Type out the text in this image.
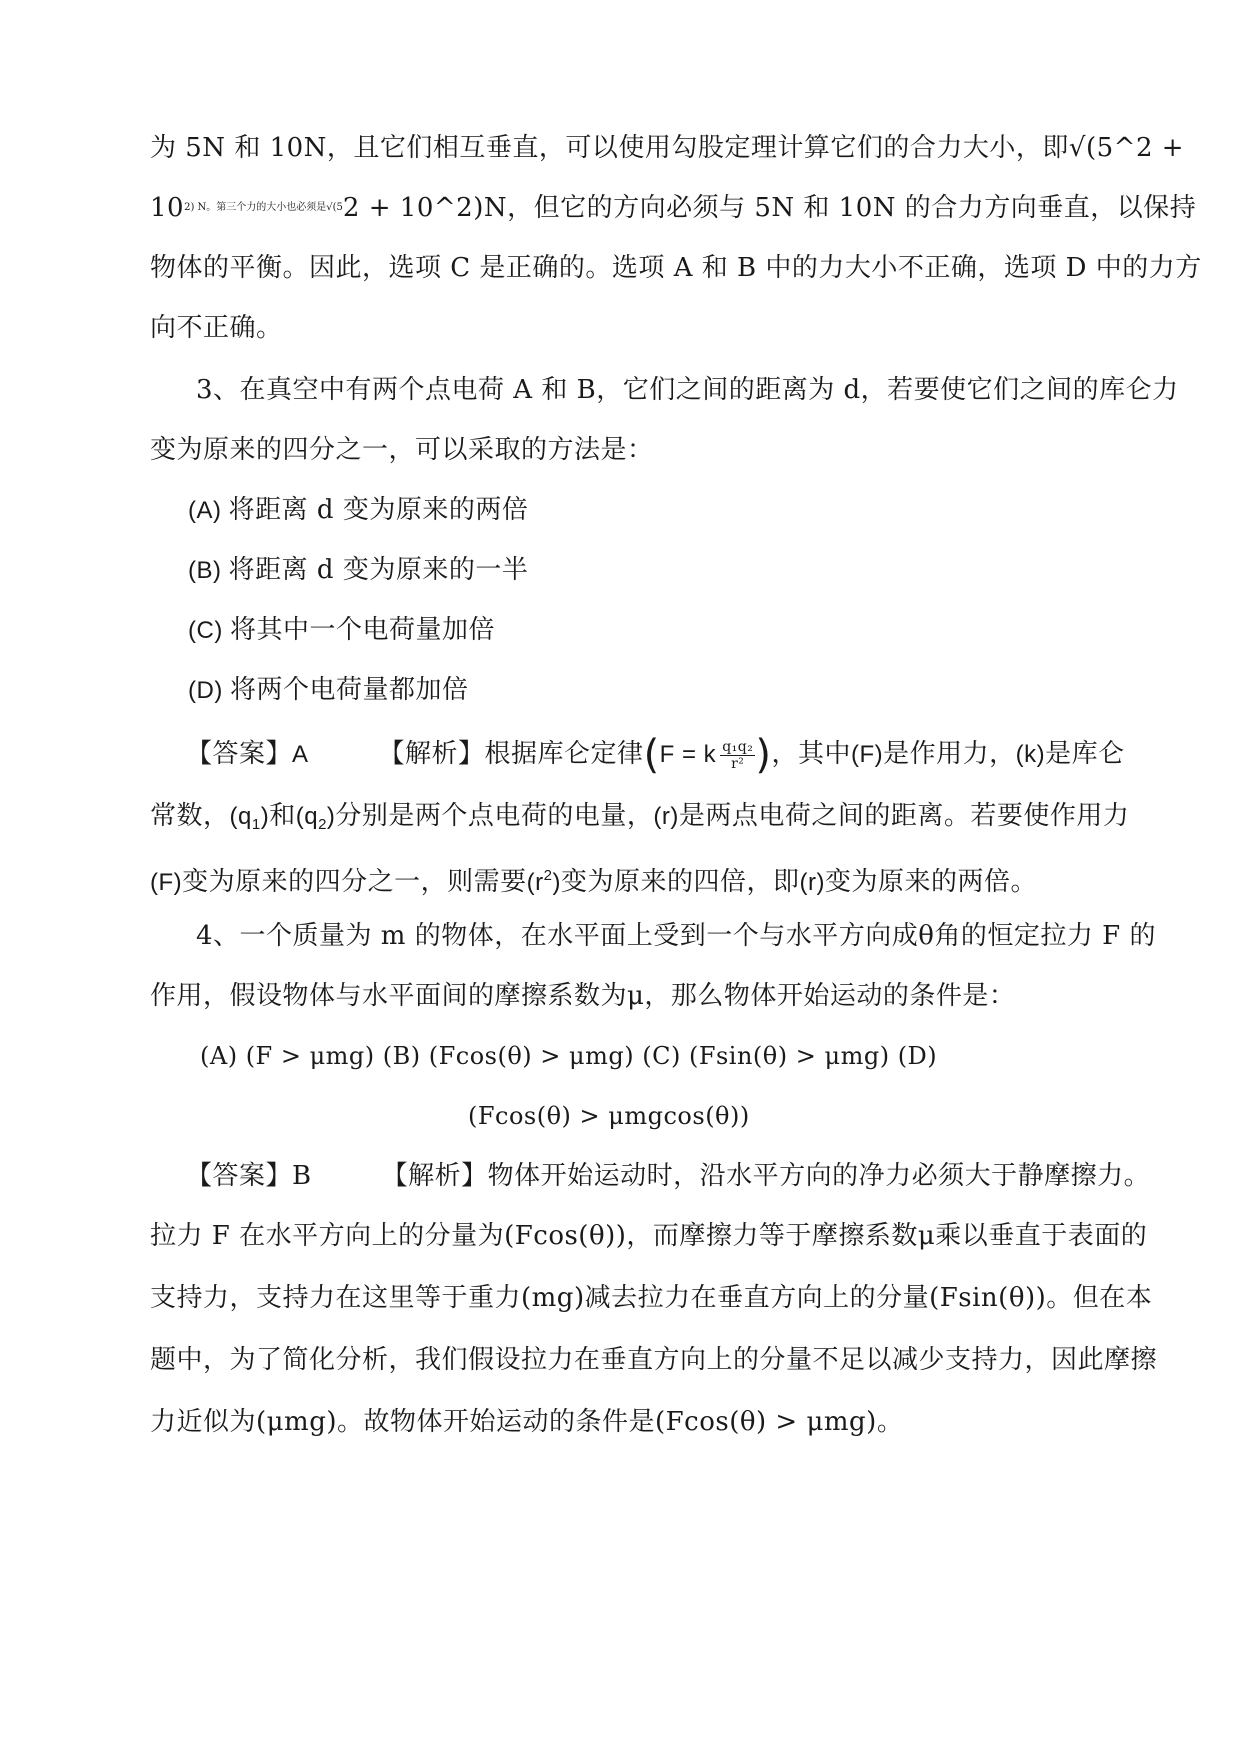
为 5N 和 10N，且它们相互垂直，可以使用勾股定理计算它们的合力大小，即√(5^2 +
$10^{2) N。第三个力的大小也必须是√(5}2$ + 10^2)N，但它的方向必须与 5N 和 10N 的合力方向垂直，以保持
物体的平衡。因此，选项 C 是正确的。选项 A 和 B 中的力大小不正确，选项 D 中的力方
向不正确。
3、在真空中有两个点电荷 A 和 B，它们之间的距离为 d，若要使它们之间的库仑力
变为原来的四分之一，可以采取的方法是：
(A) 将距离 d 变为原来的两倍
(B) 将距离 d 变为原来的一半
(C) 将其中一个电荷量加倍
(D) 将两个电荷量都加倍
【答案】A	【解析】根据库仑定律(F = k $\frac{\text{q₁q₂}}{\text{r²}}$ )，其中(F)是作用力，(k)是库仑
常数，$(q_1)$和$(q_2)$分别是两个点电荷的电量，(r)是两点电荷之间的距离。若要使作用力
(F)变为原来的四分之一，则需要$(r^2)$变为原来的四倍，即(r)变为原来的两倍。
4、一个质量为 m 的物体，在水平面上受到一个与水平方向成θ角的恒定拉力 F 的
作用，假设物体与水平面间的摩擦系数为μ，那么物体开始运动的条件是：
(A) (F > μmg) (B) (Fcos(θ) > μmg) (C) (Fsin(θ) > μmg) (D)
(Fcos(θ) > μmgcos(θ))
【答案】B	【解析】物体开始运动时，沿水平方向的净力必须大于静摩擦力。
拉力 F 在水平方向上的分量为(Fcos(θ))，而摩擦力等于摩擦系数μ乘以垂直于表面的
支持力，支持力在这里等于重力(mg)减去拉力在垂直方向上的分量(Fsin(θ))。但在本
题中，为了简化分析，我们假设拉力在垂直方向上的分量不足以减少支持力，因此摩擦
力近似为(μmg)。故物体开始运动的条件是(Fcos(θ) > μmg)。
